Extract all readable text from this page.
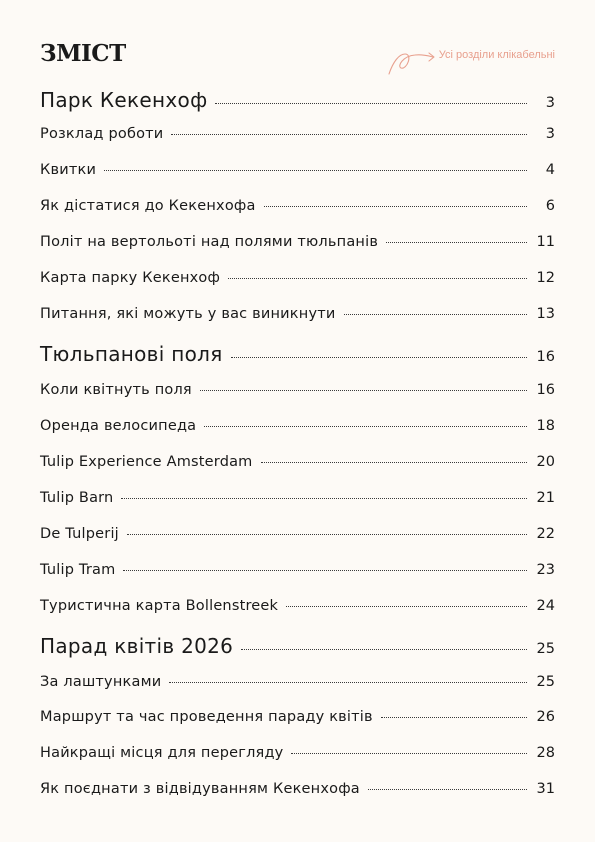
ЗМІСТ	Усі розділи клікабельні
Парк Кекенхоф	3
Розклад роботи	3
Квитки	4
Як дістатися до Кекенхофа	6
Політ на вертольоті над полями тюльпанів	11
Карта парку Кекенхоф	12
Питання, які можуть у вас виникнути	13
Тюльпанові поля	16
Коли квітнуть поля	16
Оренда велосипеда	18
Tulip Experience Amsterdam	20
Tulip Barn	21
De Tulperij	22
Tulip Tram	23
Туристична карта Bollenstreek	24
Парад квітів 2026	25
За лаштунками	25
Маршрут та час проведення параду квітів	26
Найкращі місця для перегляду	28
Як поєднати з відвідуванням Кекенхофа	31
